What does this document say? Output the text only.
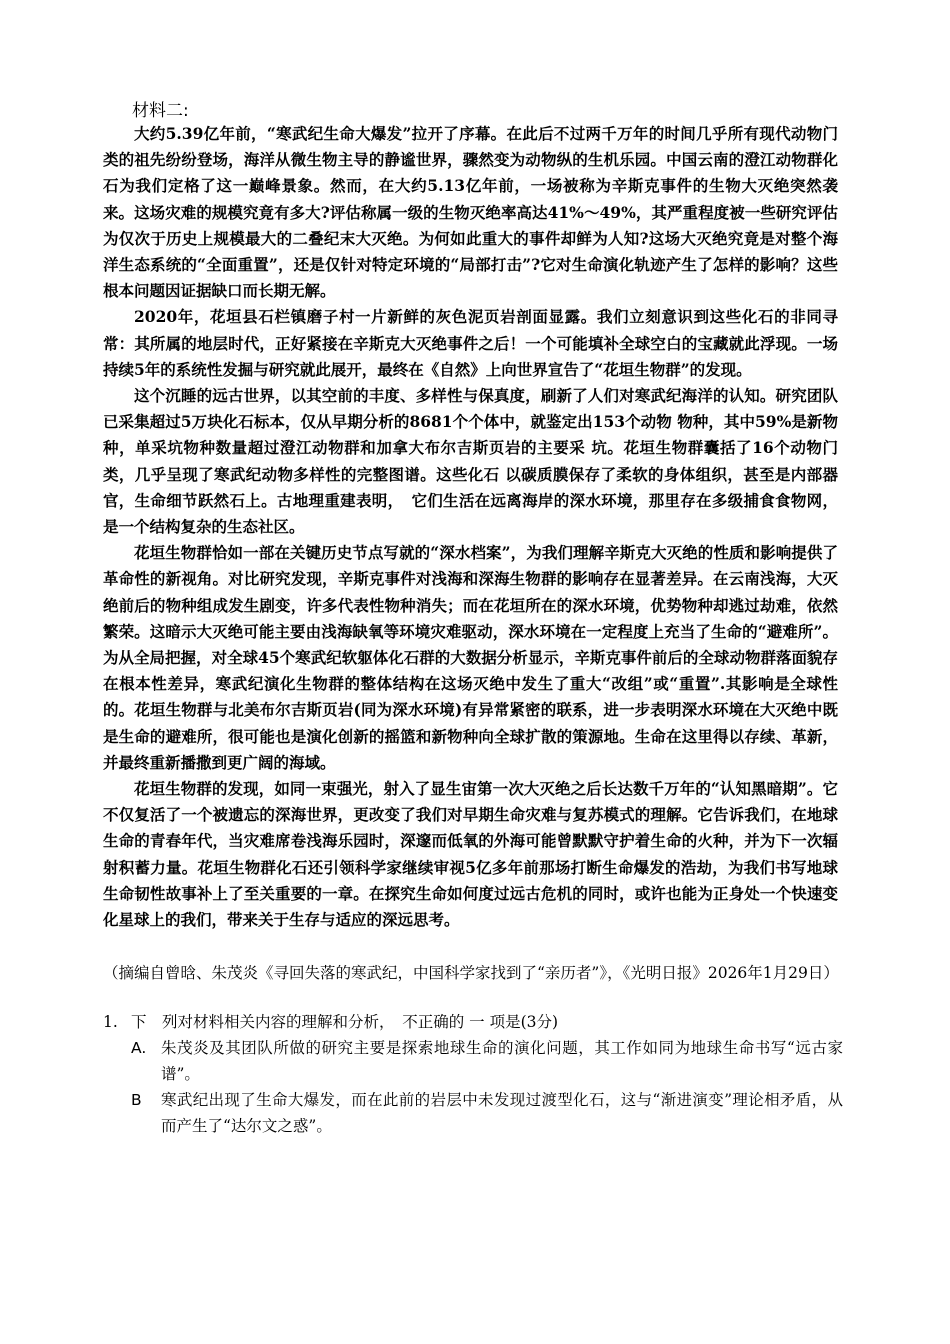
材料二:

大约5.39亿年前，“寒武纪生命大爆发”拉开了序幕。在此后不过两千万年的时间几乎所有现代动物门类的祖先纷纷登场，海洋从微生物主导的静谧世界，骤然变为动物纵的生机乐园。中国云南的澄江动物群化石为我们定格了这一巅峰景象。然而，在大约5.13亿年前，一场被称为辛斯克事件的生物大灭绝突然袭来。这场灾难的规模究竟有多大?评估称属一级的生物灭绝率高达41%～49%，其严重程度被一些研究评估为仅次于历史上规模最大的二叠纪末大灭绝。为何如此重大的事件却鲜为人知?这场大灭绝究竟是对整个海洋生态系统的“全面重置”，还是仅针对特定环境的“局部打击”?它对生命演化轨迹产生了怎样的影响？这些根本问题因证据缺口而长期无解。

2020年，花垣县石栏镇磨子村一片新鲜的灰色泥页岩剖面显露。我们立刻意识到这些化石的非同寻常：其所属的地层时代，正好紧接在辛斯克大灭绝事件之后！一个可能填补全球空白的宝藏就此浮现。一场持续5年的系统性发掘与研究就此展开，最终在《自然》上向世界宣告了“花垣生物群”的发现。

这个沉睡的远古世界，以其空前的丰度、多样性与保真度，刷新了人们对寒武纪海洋的认知。研究团队已采集超过5万块化石标本，仅从早期分析的8681个个体中，就鉴定出153个动物 物种，其中59%是新物种，单采坑物种数量超过澄江动物群和加拿大布尔吉斯页岩的主要采 坑。花垣生物群囊括了16个动物门类，几乎呈现了寒武纪动物多样性的完整图谱。这些化石 以碳质膜保存了柔软的身体组织，甚至是内部器官，生命细节跃然石上。古地理重建表明，　它们生活在远离海岸的深水环境，那里存在多级捕食食物网，是一个结构复杂的生态社区。

花垣生物群恰如一部在关键历史节点写就的“深水档案”，为我们理解辛斯克大灭绝的性质和影响提供了革命性的新视角。对比研究发现，辛斯克事件对浅海和深海生物群的影响存在显著差异。在云南浅海，大灭绝前后的物种组成发生剧变，许多代表性物种消失；而在花垣所在的深水环境，优势物种却逃过劫难，依然繁荣。这暗示大灭绝可能主要由浅海缺氧等环境灾难驱动，深水环境在一定程度上充当了生命的“避难所”。为从全局把握，对全球45个寒武纪软躯体化石群的大数据分析显示，辛斯克事件前后的全球动物群落面貌存在根本性差异，寒武纪演化生物群的整体结构在这场灭绝中发生了重大“改组”或“重置”.其影响是全球性的。花垣生物群与北美布尔吉斯页岩(同为深水环境)有异常紧密的联系，进一步表明深水环境在大灭绝中既是生命的避难所，很可能也是演化创新的摇篮和新物种向全球扩散的策源地。生命在这里得以存续、革新，并最终重新播撒到更广阔的海域。

花垣生物群的发现，如同一束强光，射入了显生宙第一次大灭绝之后长达数千万年的“认知黑暗期”。它不仅复活了一个被遗忘的深海世界，更改变了我们对早期生命灾难与复苏模式的理解。它告诉我们，在地球生命的青春年代，当灾难席卷浅海乐园时，深邃而低氧的外海可能曾默默守护着生命的火种，并为下一次辐射积蓄力量。花垣生物群化石还引领科学家继续审视5亿多年前那场打断生命爆发的浩劫，为我们书写地球生命韧性故事补上了至关重要的一章。在探究生命如何度过远古危机的同时，或许也能为正身处一个快速变化星球上的我们，带来关于生存与适应的深远思考。

（摘编自曾晗、朱茂炎《寻回失落的寒武纪，中国科学家找到了“亲历者”》，《光明日报》2026年1月29日）
1. 下　列对材料相关内容的理解和分析，　不正确的 一 项是(3分)
A. 朱茂炎及其团队所做的研究主要是探索地球生命的演化问题，其工作如同为地球生命书写“远古家谱”。
B	寒武纪出现了生命大爆发，而在此前的岩层中未发现过渡型化石，这与“渐进演变”理论相矛盾，从而产生了“达尔文之惑”。
